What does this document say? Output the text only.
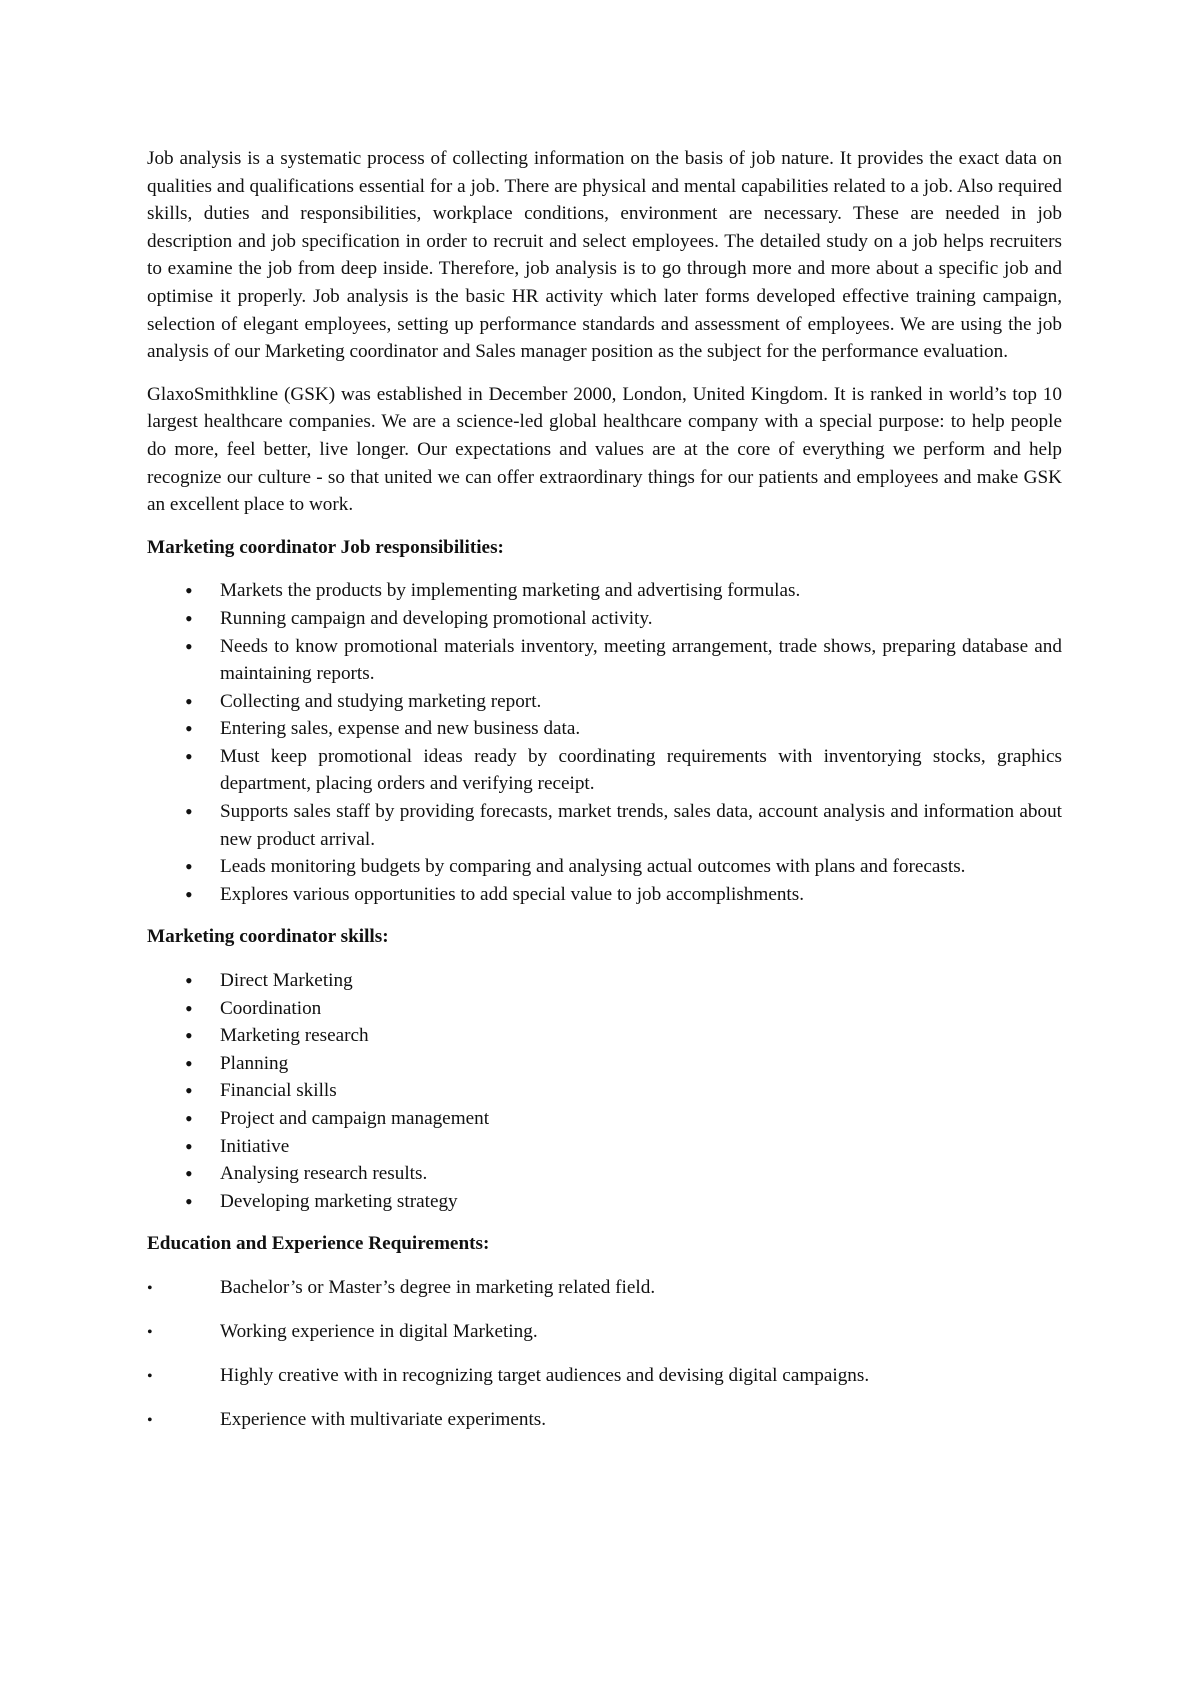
Job analysis is a systematic process of collecting information on the basis of job nature. It provides the exact data on qualities and qualifications essential for a job. There are physical and mental capabilities related to a job. Also required skills, duties and responsibilities, workplace conditions, environment are necessary. These are needed in job description and job specification in order to recruit and select employees. The detailed study on a job helps recruiters to examine the job from deep inside. Therefore, job analysis is to go through more and more about a specific job and optimise it properly. Job analysis is the basic HR activity which later forms developed effective training campaign, selection of elegant employees, setting up performance standards and assessment of employees. We are using the job analysis of our Marketing coordinator and Sales manager position as the subject for the performance evaluation.

GlaxoSmithkline (GSK) was established in December 2000, London, United Kingdom. It is ranked in world’s top 10 largest healthcare companies. We are a science-led global healthcare company with a special purpose: to help people do more, feel better, live longer. Our expectations and values are at the core of everything we perform and help recognize our culture - so that united we can offer extraordinary things for our patients and employees and make GSK an excellent place to work.

Marketing coordinator Job responsibilities:

•
Markets the products by implementing marketing and advertising formulas.
•
Running campaign and developing promotional activity.
•
Needs to know promotional materials inventory, meeting arrangement, trade shows, preparing database and maintaining reports.
•
Collecting and studying marketing report.
•
Entering sales, expense and new business data.
•
Must keep promotional ideas ready by coordinating requirements with inventorying stocks, graphics department, placing orders and verifying receipt.
•
Supports sales staff by providing forecasts, market trends, sales data, account analysis and information about new product arrival.
•
Leads monitoring budgets by comparing and analysing actual outcomes with plans and forecasts.
•
Explores various opportunities to add special value to job accomplishments.

Marketing coordinator skills:

•
Direct Marketing
•
Coordination
•
Marketing research
•
Planning
•
Financial skills
•
Project and campaign management
•
Initiative
•
Analysing research results.
•
Developing marketing strategy

Education and Experience Requirements:

•
Bachelor’s or Master’s degree in marketing related field.
•
Working experience in digital Marketing.
•
Highly creative with in recognizing target audiences and devising digital campaigns.
•
Experience with multivariate experiments.
